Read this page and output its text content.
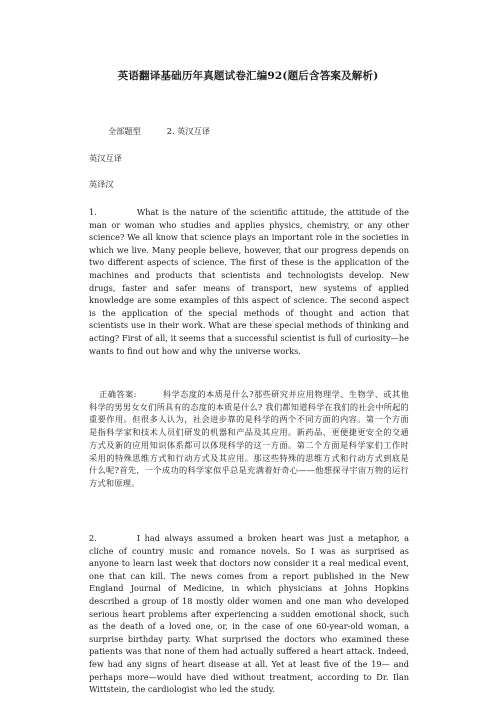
英语翻译基础历年真题试卷汇编92(题后含答案及解析)
全部题型	2. 英汉互译
英汉互译
英译汉

1.	What is the nature of the scientific attitude, the attitude of the man or woman who studies and applies physics, chemistry, or any other science? We all know that science plays an important role in the societies in which we live. Many people believe, however, that our progress depends on two different aspects of science. The first of these is the application of the machines and products that scientists and technologists develop. New drugs, faster and safer means of transport, new systems of applied knowledge are some examples of this aspect of science. The second aspect is the application of the special methods of thought and action that scientists use in their work. What are these special methods of thinking and acting? First of all, it seems that a successful scientist is full of curiosity—he wants to find out how and why the universe works.

正确答案:	科学态度的本质是什么?那些研究并应用物理学、生物学、或其他科学的男男女女们所具有的态度的本质是什么? 我们都知道科学在我们的社会中所起的重要作用。但很多人认为，社会进步靠的是科学的两个不同方面的内容。第一个方面是指科学家和技术人员们研发的机器和产品及其应用。新药品、更便捷更安全的交通方式及新的应用知识体系都可以体现科学的这一方面。第二个方面是科学家们工作时采用的特殊思维方式和行动方式及其应用。那这些特殊的思维方式和行动方式到底是什么呢?首先，一个成功的科学家似乎总是充满着好奇心——他想探寻宇宙万物的运行方式和原理。

2.	I had always assumed a broken heart was just a metaphor, a cliche of country music and romance novels. So I was as surprised as anyone to learn last week that doctors now consider it a real medical event, one that can kill. The news comes from a report published in the New England Journal of Medicine, in which physicians at Johns Hopkins described a group of 18 mostly older women and one man who developed serious heart problems after experiencing a sudden emotional shock, such as the death of a loved one, or, in the case of one 60-year-old woman, a surprise birthday party. What surprised the doctors who examined these patients was that none of them had actually suffered a heart attack. Indeed, few had any signs of heart disease at all. Yet at least five of the 19— and perhaps more—would have died without treatment, according to Dr. Ilan Wittstein, the cardiologist who led the study.
